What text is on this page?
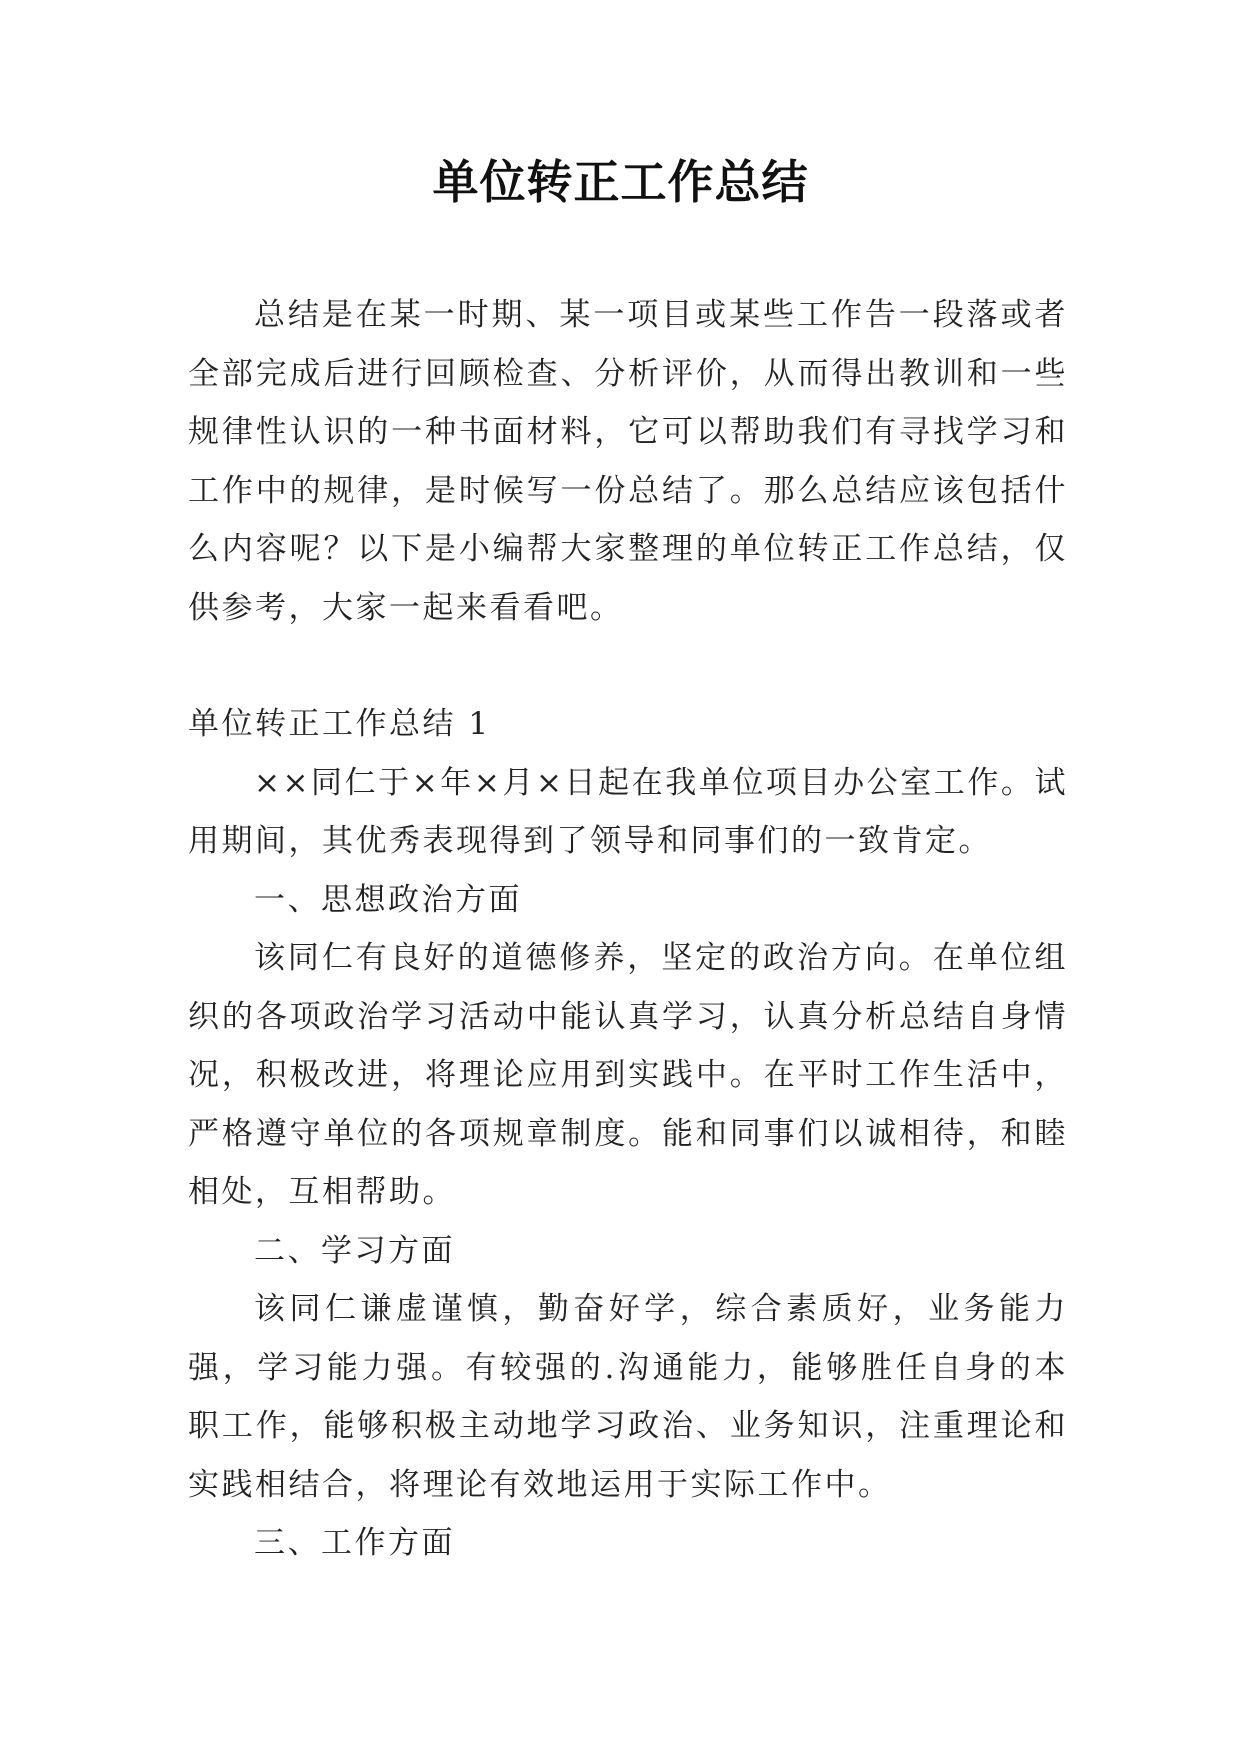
单位转正工作总结

总结是在某一时期、某一项目或某些工作告一段落或者全部完成后进行回顾检查、分析评价，从而得出教训和一些规律性认识的一种书面材料，它可以帮助我们有寻找学习和工作中的规律，是时候写一份总结了。那么总结应该包括什么内容呢？以下是小编帮大家整理的单位转正工作总结，仅供参考，大家一起来看看吧。

单位转正工作总结 1

××同仁于×年×月×日起在我单位项目办公室工作。试用期间，其优秀表现得到了领导和同事们的一致肯定。

一、思想政治方面

该同仁有良好的道德修养，坚定的政治方向。在单位组织的各项政治学习活动中能认真学习，认真分析总结自身情况，积极改进，将理论应用到实践中。在平时工作生活中，严格遵守单位的各项规章制度。能和同事们以诚相待，和睦相处，互相帮助。

二、学习方面

该同仁谦虚谨慎，勤奋好学，综合素质好，业务能力强，学习能力强。有较强的.沟通能力，能够胜任自身的本职工作，能够积极主动地学习政治、业务知识，注重理论和实践相结合，将理论有效地运用于实际工作中。

三、工作方面
